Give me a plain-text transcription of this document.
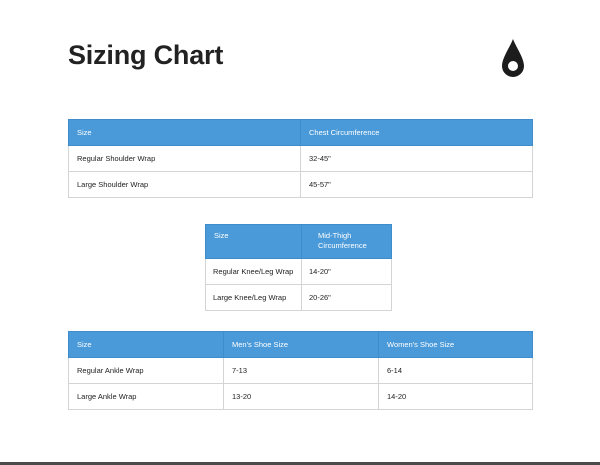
Sizing Chart
Size	Chest Circumference
Regular Shoulder Wrap	32-45"
Large Shoulder Wrap	45-57"
Size	Mid-Thigh Circumference
Regular Knee/Leg Wrap	14-20"
Large Knee/Leg Wrap	20-26"
Size	Men's Shoe Size	Women's Shoe Size
Regular Ankle Wrap	7-13	6-14
Large Ankle Wrap	13-20	14-20
